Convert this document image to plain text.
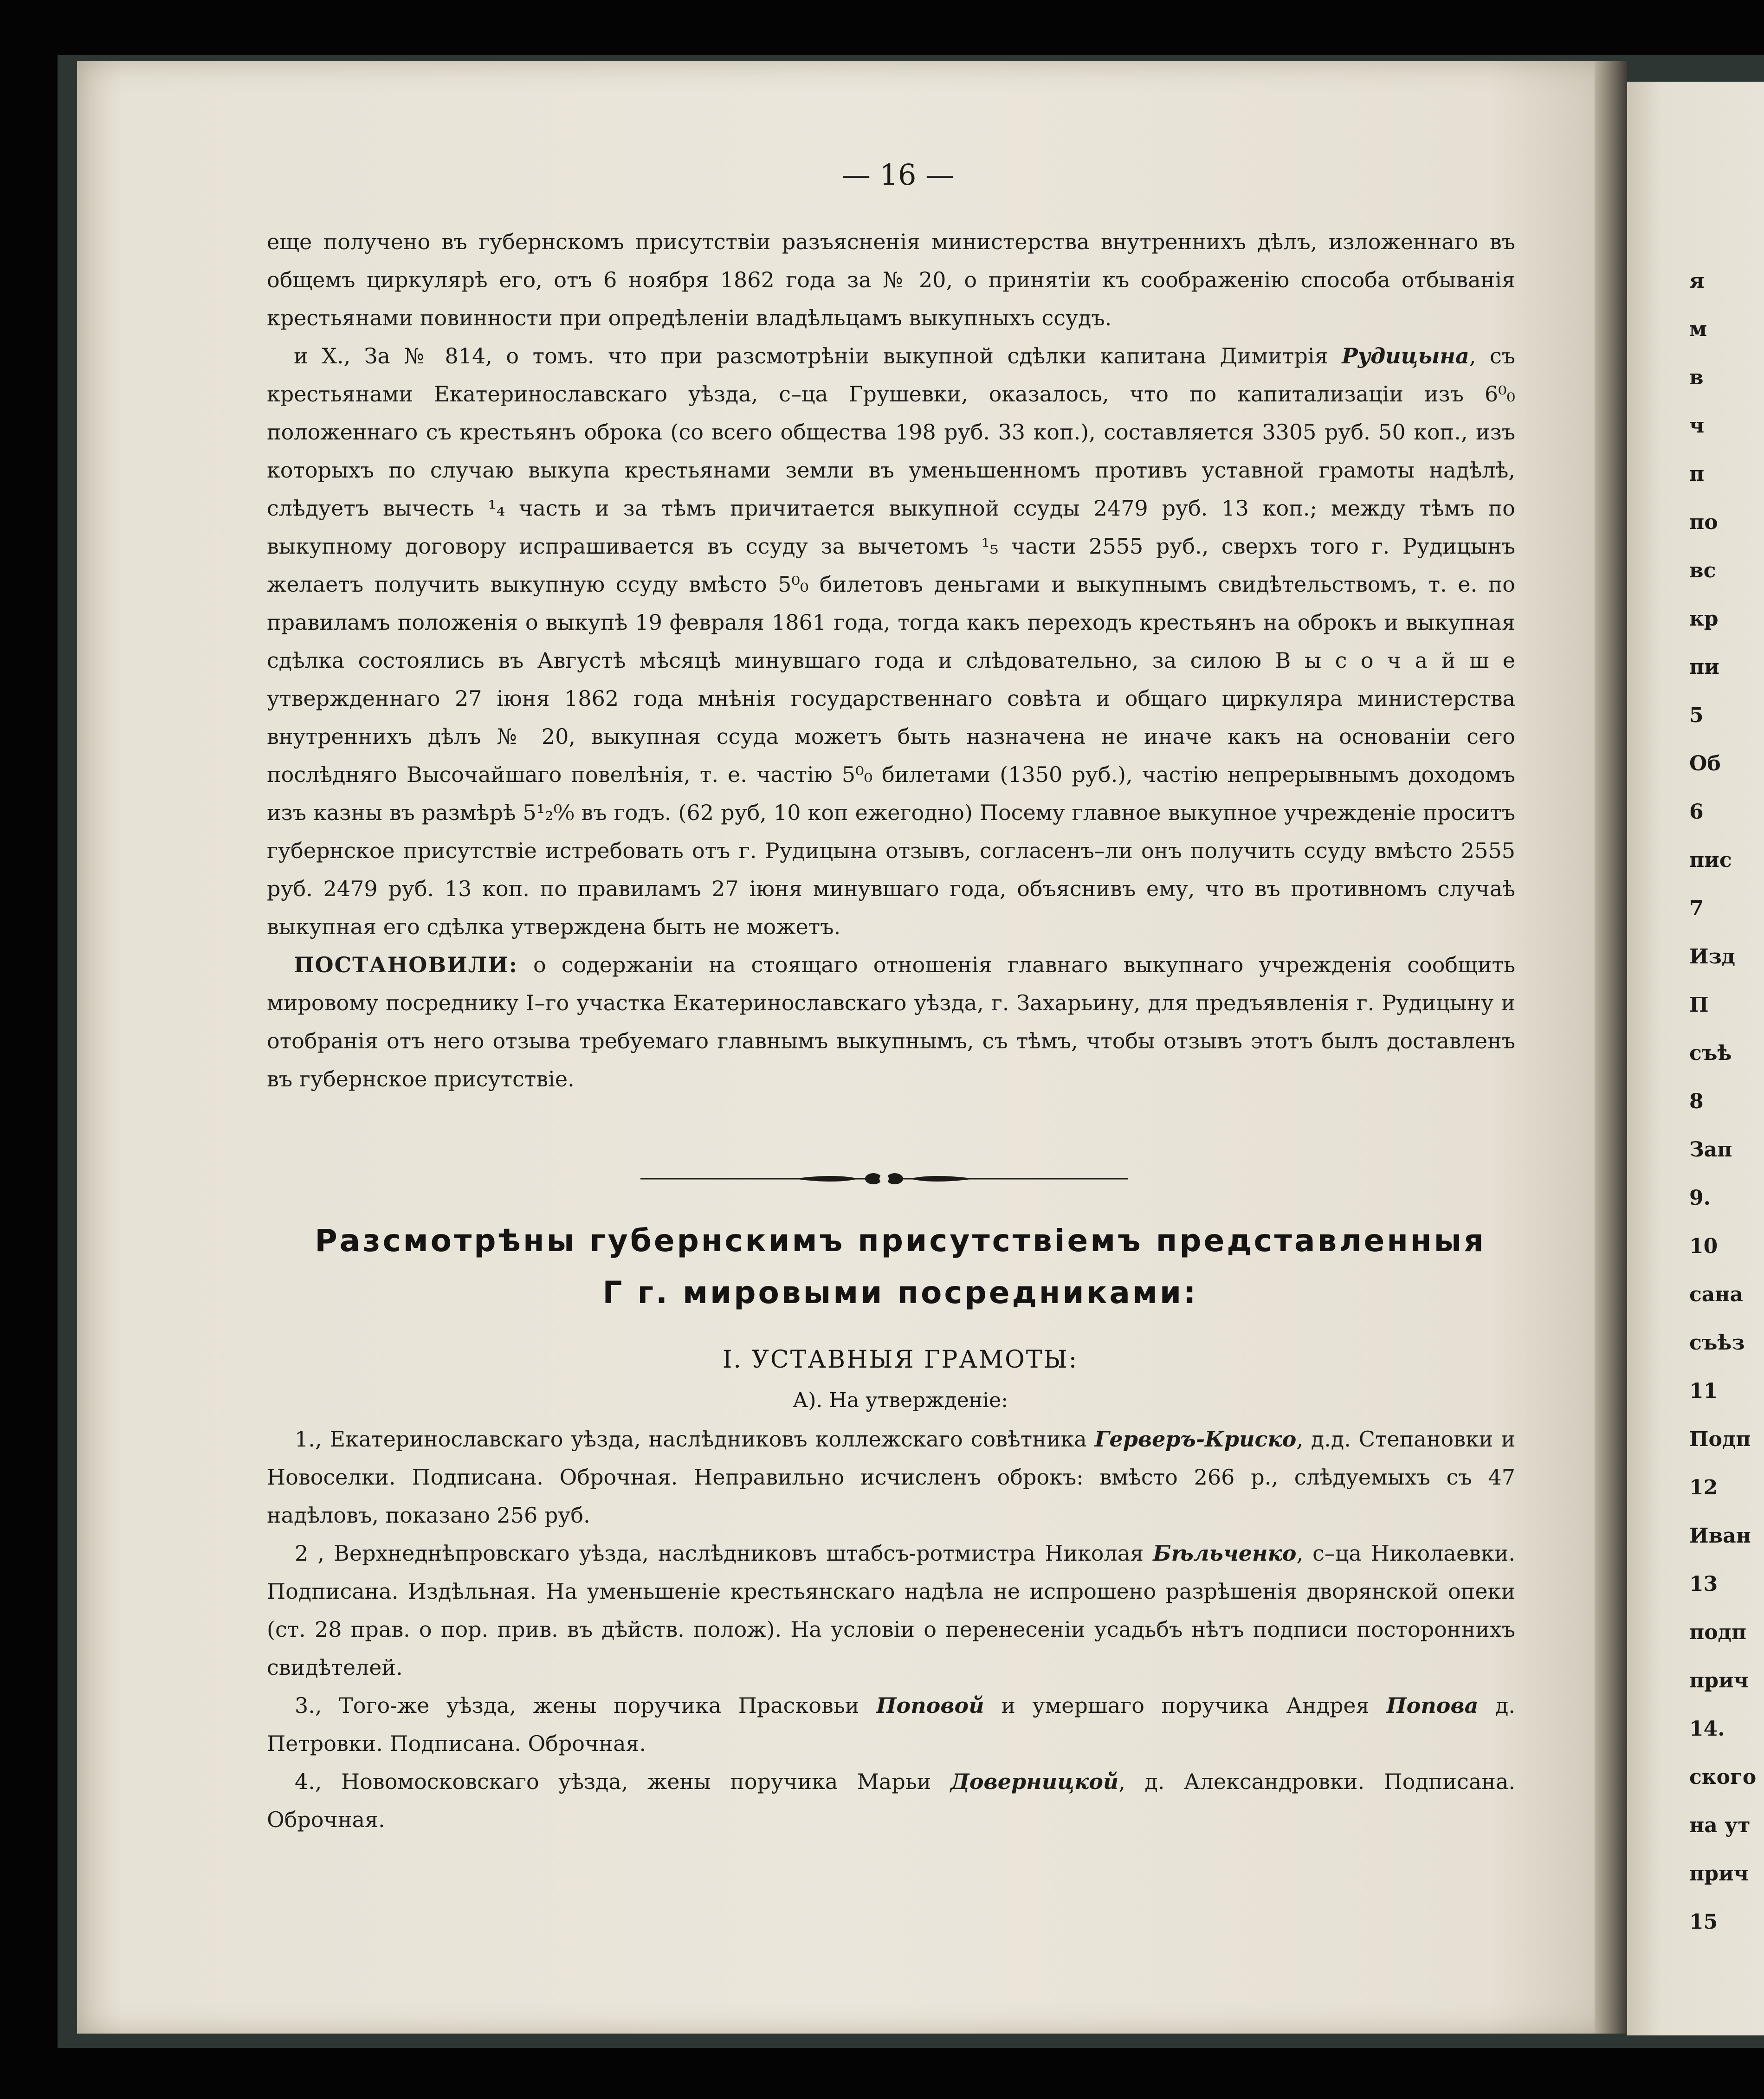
— 16 —

еще получено въ губернскомъ присутствіи разъясненія министерства внутреннихъ дѣлъ, изложеннаго въ общемъ циркулярѣ его, отъ 6 ноября 1862 года за № 20, о принятіи къ соображенію способа отбыванія крестьянами повинности при опредѣленіи владѣльцамъ выкупныхъ ссудъ.

и X., За № 814, о томъ. что при разсмотрѣніи выкупной сдѣлки капитана Димитрія Рудицына, съ крестьянами Екатеринославскаго уѣзда, с–ца Грушевки, оказалось, что по капитализаціи изъ 6⁰₀ положеннаго съ крестьянъ оброка (со всего общества 198 руб. 33 коп.), составляется 3305 руб. 50 коп., изъ которыхъ по случаю выкупа крестьянами земли въ уменьшенномъ противъ уставной грамоты надѣлѣ, слѣдуетъ вычесть ¹₄ часть и за тѣмъ причитается выкупной ссуды 2479 руб. 13 коп.; между тѣмъ по выкупному договору испрашивается въ ссуду за вычетомъ ¹₅ части 2555 руб., сверхъ того г. Рудицынъ желаетъ получить выкупную ссуду вмѣсто 5⁰₀ билетовъ деньгами и выкупнымъ свидѣтельствомъ, т. е. по правиламъ положенія о выкупѣ 19 февраля 1861 года, тогда какъ переходъ крестьянъ на оброкъ и выкупная сдѣлка состоялись въ Августѣ мѣсяцѣ минувшаго года и слѣдовательно, за силою В ы с о ч а й ш е утвержденнаго 27 іюня 1862 года мнѣнія государственнаго совѣта и общаго циркуляра министерства внутреннихъ дѣлъ № 20, выкупная ссуда можетъ быть назначена не иначе какъ на основаніи сего послѣдняго Высочайшаго повелѣнія, т. е. частію 5⁰₀ билетами (1350 руб.), частію непрерывнымъ доходомъ изъ казны въ размѣрѣ 5¹₂⁰⁄₀ въ годъ. (62 руб, 10 коп ежегодно) Посему главное выкупное учрежденіе проситъ губернское присутствіе истребовать отъ г. Рудицына отзывъ, согласенъ–ли онъ получить ссуду вмѣсто 2555 руб. 2479 руб. 13 коп. по правиламъ 27 іюня минувшаго года, объяснивъ ему, что въ противномъ случаѣ выкупная его сдѣлка утверждена быть не можетъ.

ПОСТАНОВИЛИ: о содержаніи на стоящаго отношенія главнаго выкупнаго учрежденія сообщить мировому посреднику I–го участка Екатеринославскаго уѣзда, г. Захарьину, для предъявленія г. Рудицыну и отобранія отъ него отзыва требуемаго главнымъ выкупнымъ, съ тѣмъ, чтобы отзывъ этотъ былъ доставленъ въ губернское присутствіе.

Разсмотрѣны губернскимъ присутствіемъ представленныя
Г г. мировыми посредниками:
I. УСТАВНЫЯ ГРАМОТЫ:
А). На утвержденіе:

1., Екатеринославскаго уѣзда, наслѣдниковъ коллежскаго совѣтника Герверъ-Криско, д.д. Степановки и Новоселки. Подписана. Оброчная. Неправильно исчисленъ оброкъ: вмѣсто 266 р., слѣдуемыхъ съ 47 надѣловъ, показано 256 руб.

2 , Верхнеднѣпровскаго уѣзда, наслѣдниковъ штабсъ-ротмистра Николая Бѣльченко, с–ца Николаевки. Подписана. Издѣльная. На уменьшеніе крестьянскаго надѣла не испрошено разрѣшенія дворянской опеки (ст. 28 прав. о пор. прив. въ дѣйств. полож). На условіи о перенесеніи усадьбъ нѣтъ подписи постороннихъ свидѣтелей.

3., Того-же уѣзда, жены поручика Прасковьи Поповой и умершаго поручика Андрея Попова д. Петровки. Подписана. Оброчная.

4., Новомосковскаго уѣзда, жены поручика Марьи Доверницкой, д. Александровки. Подписана. Оброчная.

я
м
в
ч
п
по
вс
кр
пи
5
Об
6
пис
7
Изд
П
съѣ
8
Зап
9.
10
сана
съѣз
11
Подп
12
Иван
13
подп
прич
14.
ского
на ут
прич
15
